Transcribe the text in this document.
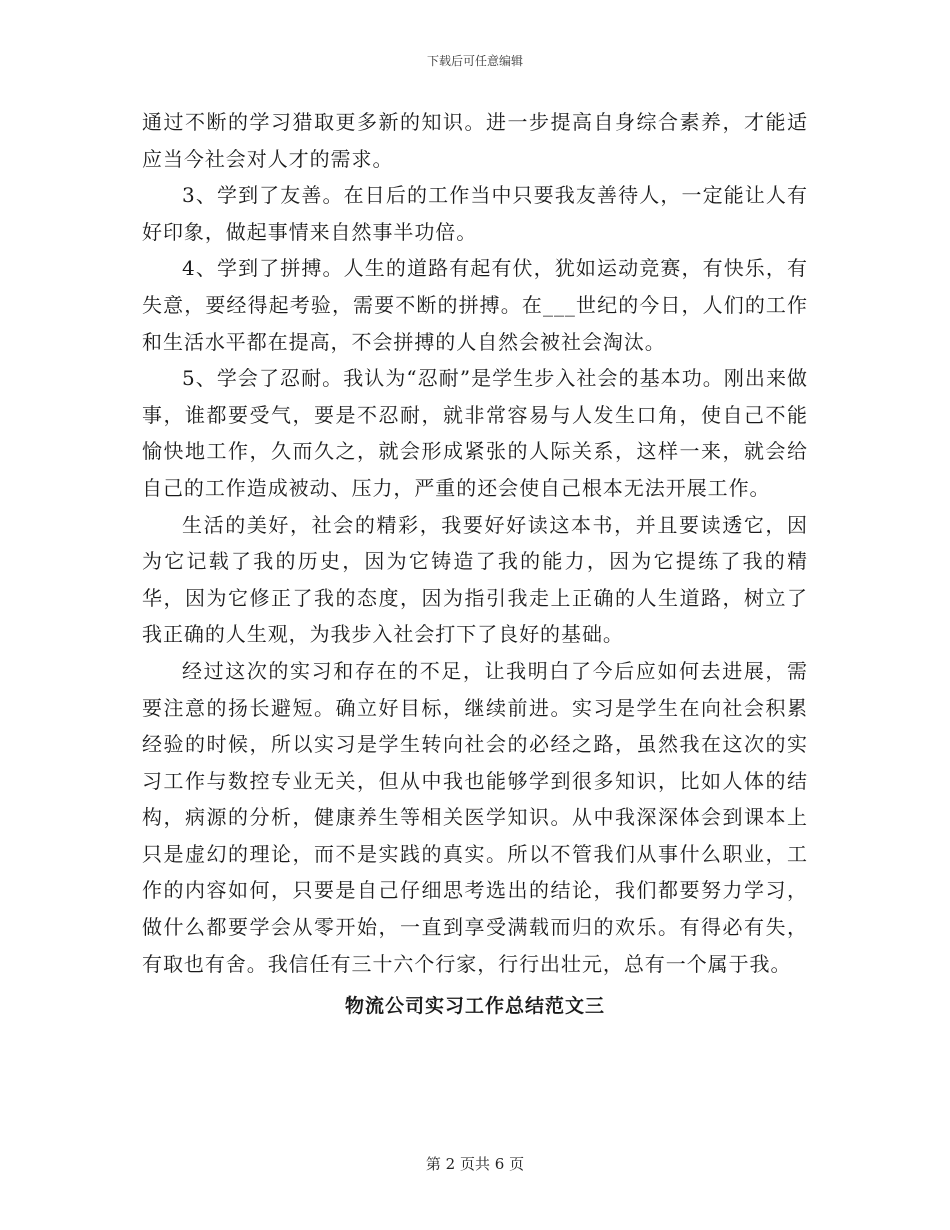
下载后可任意编辑

通过不断的学习猎取更多新的知识。进一步提高自身综合素养，才能适应当今社会对人才的需求。

3、学到了友善。在日后的工作当中只要我友善待人，一定能让人有好印象，做起事情来自然事半功倍。

4、学到了拼搏。人生的道路有起有伏，犹如运动竞赛，有快乐，有失意，要经得起考验，需要不断的拼搏。在___世纪的今日，人们的工作和生活水平都在提高，不会拼搏的人自然会被社会淘汰。

5、学会了忍耐。我认为“忍耐”是学生步入社会的基本功。刚出来做事，谁都要受气，要是不忍耐，就非常容易与人发生口角，使自己不能愉快地工作，久而久之，就会形成紧张的人际关系，这样一来，就会给自己的工作造成被动、压力，严重的还会使自己根本无法开展工作。

生活的美好，社会的精彩，我要好好读这本书，并且要读透它，因为它记载了我的历史，因为它铸造了我的能力，因为它提练了我的精华，因为它修正了我的态度，因为指引我走上正确的人生道路，树立了我正确的人生观，为我步入社会打下了良好的基础。

经过这次的实习和存在的不足，让我明白了今后应如何去进展，需要注意的扬长避短。确立好目标，继续前进。实习是学生在向社会积累经验的时候，所以实习是学生转向社会的必经之路，虽然我在这次的实习工作与数控专业无关，但从中我也能够学到很多知识，比如人体的结构，病源的分析，健康养生等相关医学知识。从中我深深体会到课本上只是虚幻的理论，而不是实践的真实。所以不管我们从事什么职业，工作的内容如何，只要是自己仔细思考选出的结论，我们都要努力学习，做什么都要学会从零开始，一直到享受满载而归的欢乐。有得必有失，有取也有舍。我信任有三十六个行家，行行出壮元，总有一个属于我。

物流公司实习工作总结范文三
第 2 页共 6 页
